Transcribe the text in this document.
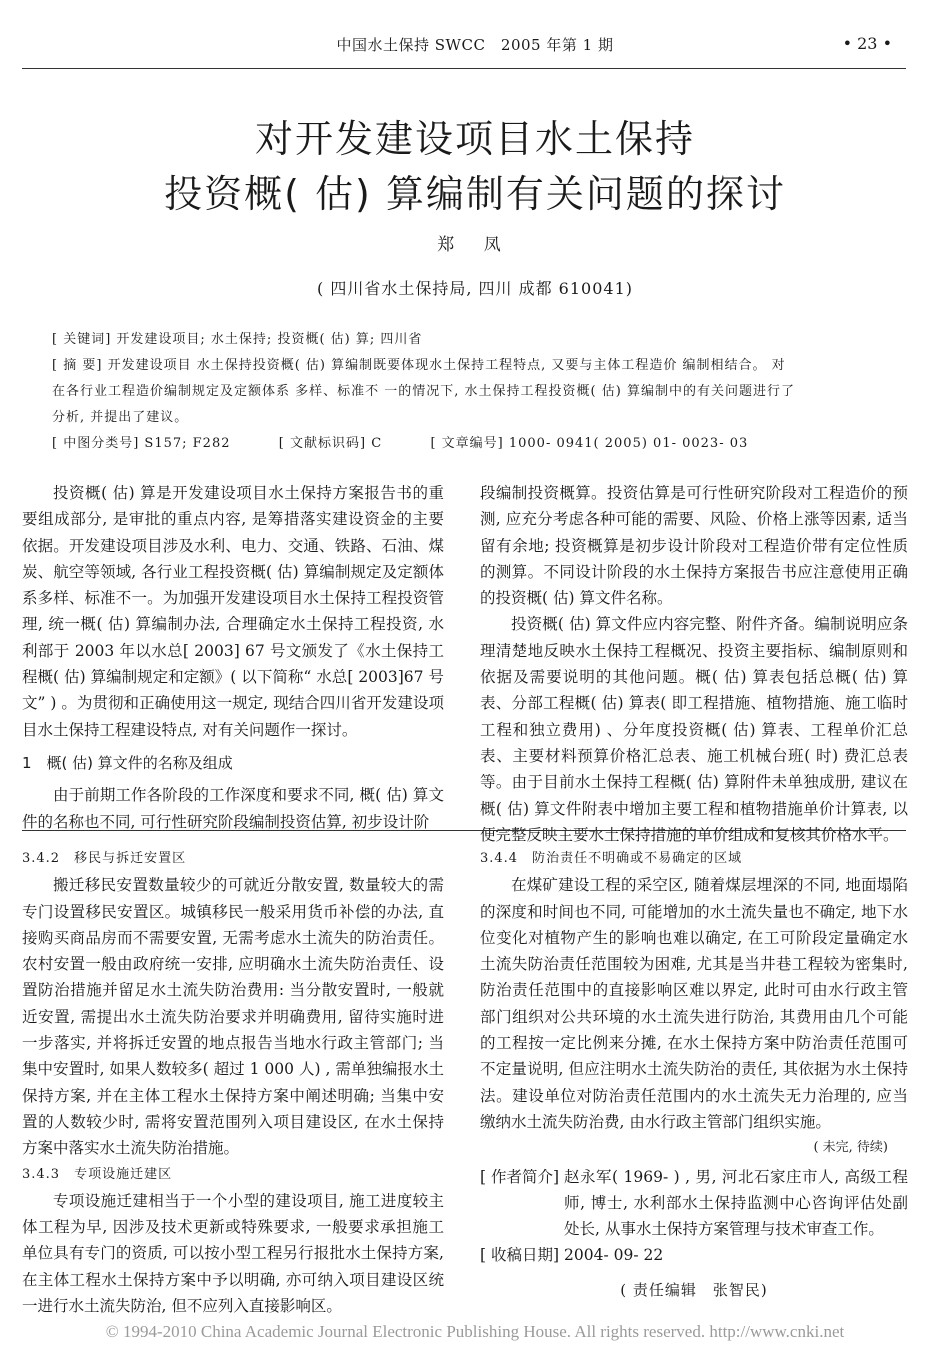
中国水土保持 SWCC　2005 年第 1 期	• 23 •
对开发建设项目水土保持
投资概( 估) 算编制有关问题的探讨
郑 凤
( 四川省水土保持局, 四川 成都 610041)
[ 关键词] 开发建设项目; 水土保持; 投资概( 估) 算; 四川省
[ 摘 要] 开发建设项目 水土保持投资概( 估) 算编制既要体现水土保持工程特点, 又要与主体工程造价 编制相结合。 对
在各行业工程造价编制规定及定额体系 多样、标准不 一的情况下, 水土保持工程投资概( 估) 算编制中的有关问题进行了
分析, 并提出了建议。
[ 中图分类号] S157; F282	[ 文献标识码] C	[ 文章编号] 1000- 0941( 2005) 01- 0023- 03

投资概( 估) 算是开发建设项目水土保持方案报告书的重要组成部分, 是审批的重点内容, 是筹措落实建设资金的主要依据。开发建设项目涉及水利、电力、交通、铁路、石油、煤炭、航空等领域, 各行业工程投资概( 估) 算编制规定及定额体系多样、标准不一。为加强开发建设项目水土保持工程投资管理, 统一概( 估) 算编制办法, 合理确定水土保持工程投资, 水利部于 2003 年以水总[ 2003] 67 号文颁发了《水土保持工程概( 估) 算编制规定和定额》( 以下简称“ 水总[ 2003]67 号文” ) 。为贯彻和正确使用这一规定, 现结合四川省开发建设项目水土保持工程建设特点, 对有关问题作一探讨。

1　概( 估) 算文件的名称及组成

由于前期工作各阶段的工作深度和要求不同, 概( 估) 算文件的名称也不同, 可行性研究阶段编制投资估算, 初步设计阶

段编制投资概算。投资估算是可行性研究阶段对工程造价的预测, 应充分考虑各种可能的需要、风险、价格上涨等因素, 适当留有余地; 投资概算是初步设计阶段对工程造价带有定位性质的测算。不同设计阶段的水土保持方案报告书应注意使用正确的投资概( 估) 算文件名称。

投资概( 估) 算文件应内容完整、附件齐备。编制说明应条理清楚地反映水土保持工程概况、投资主要指标、编制原则和依据及需要说明的其他问题。概( 估) 算表包括总概( 估) 算表、分部工程概( 估) 算表( 即工程措施、植物措施、施工临时工程和独立费用) 、分年度投资概( 估) 算表、工程单价汇总表、主要材料预算价格汇总表、施工机械台班( 时) 费汇总表等。由于目前水土保持工程概( 估) 算附件未单独成册, 建议在概( 估) 算文件附表中增加主要工程和植物措施单价计算表, 以便完整反映主要水土保持措施的单价组成和复核其价格水平。

3.4.2　移民与拆迁安置区

搬迁移民安置数量较少的可就近分散安置, 数量较大的需专门设置移民安置区。城镇移民一般采用货币补偿的办法, 直接购买商品房而不需要安置, 无需考虑水土流失的防治责任。农村安置一般由政府统一安排, 应明确水土流失防治责任、设置防治措施并留足水土流失防治费用: 当分散安置时, 一般就近安置, 需提出水土流失防治要求并明确费用, 留待实施时进一步落实, 并将拆迁安置的地点报告当地水行政主管部门; 当集中安置时, 如果人数较多( 超过 1 000 人) , 需单独编报水土保持方案, 并在主体工程水土保持方案中阐述明确; 当集中安置的人数较少时, 需将安置范围列入项目建设区, 在水土保持方案中落实水土流失防治措施。

3.4.3　专项设施迁建区

专项设施迁建相当于一个小型的建设项目, 施工进度较主体工程为早, 因涉及技术更新或特殊要求, 一般要求承担施工单位具有专门的资质, 可以按小型工程另行报批水土保持方案, 在主体工程水土保持方案中予以明确, 亦可纳入项目建设区统一进行水土流失防治, 但不应列入直接影响区。

3.4.4　防治责任不明确或不易确定的区域

在煤矿建设工程的采空区, 随着煤层埋深的不同, 地面塌陷的深度和时间也不同, 可能增加的水土流失量也不确定, 地下水位变化对植物产生的影响也难以确定, 在工可阶段定量确定水土流失防治责任范围较为困难, 尤其是当井巷工程较为密集时, 防治责任范围中的直接影响区难以界定, 此时可由水行政主管部门组织对公共环境的水土流失进行防治, 其费用由几个可能的工程按一定比例来分摊, 在水土保持方案中防治责任范围可不定量说明, 但应注明水土流失防治的责任, 其依据为水土保持法。建设单位对防治责任范围内的水土流失无力治理的, 应当缴纳水土流失防治费, 由水行政主管部门组织实施。

( 未完, 待续)
[ 作者简介] 赵永军( 1969- ) , 男, 河北石家庄市人, 高级工程师, 博士, 水利部水土保持监测中心咨询评估处副处长, 从事水土保持方案管理与技术审查工作。
[ 收稿日期] 2004- 09- 22
( 责任编辑　张智民)
© 1994-2010 China Academic Journal Electronic Publishing House. All rights reserved. http://www.cnki.net
